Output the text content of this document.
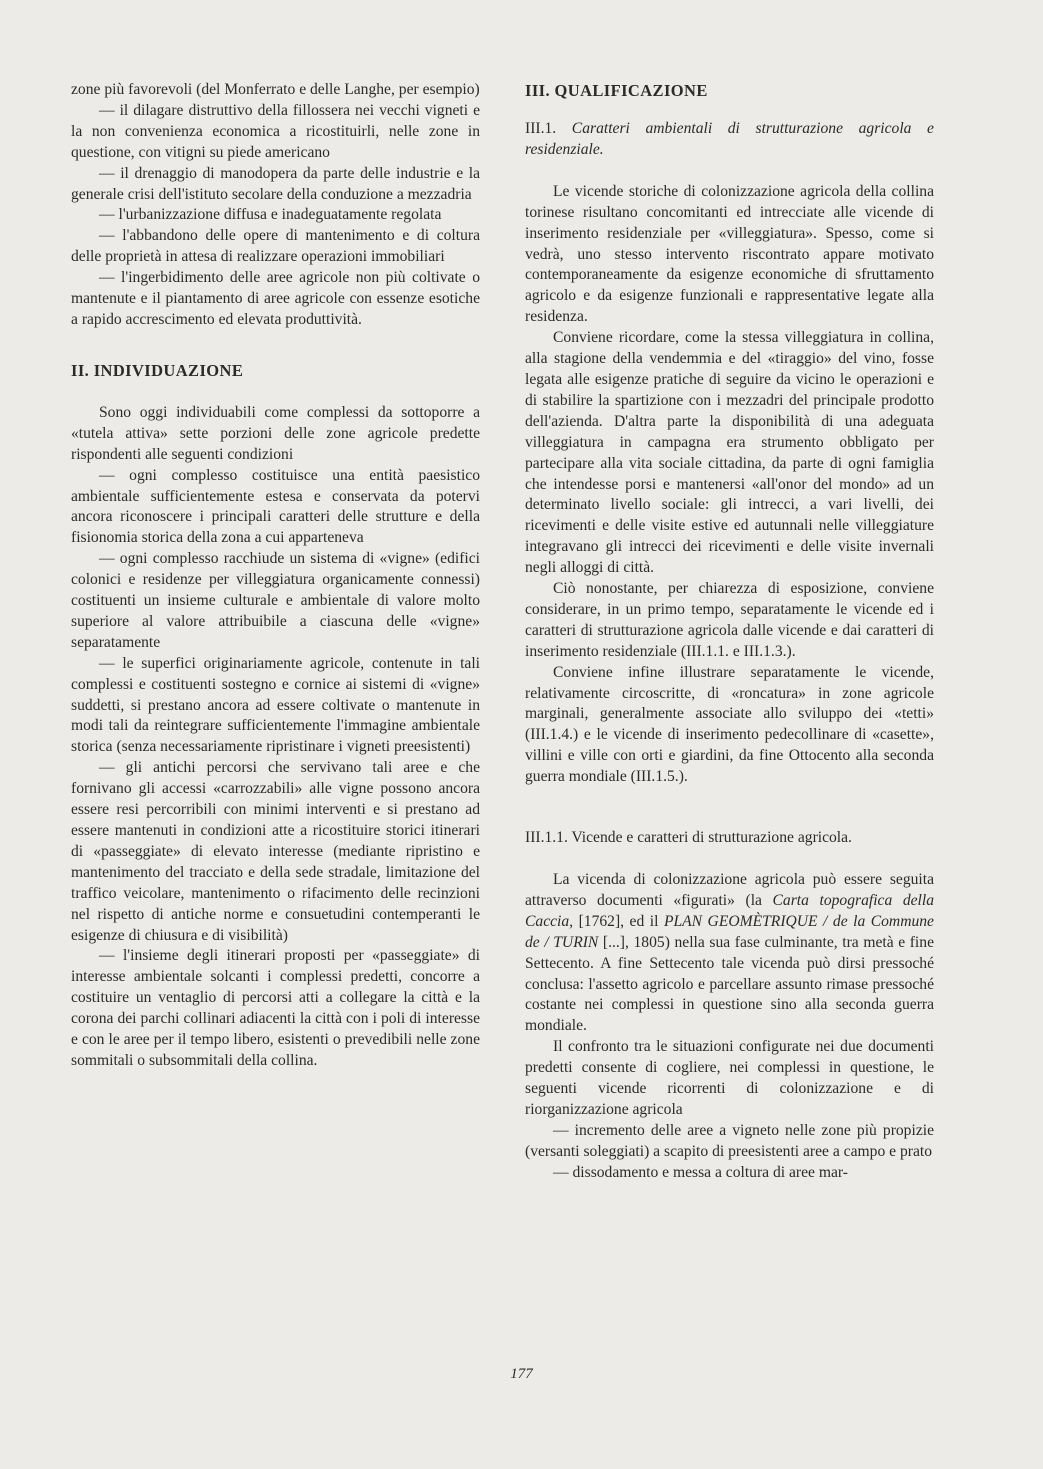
zone più favorevoli (del Monferrato e delle Langhe, per esempio)

— il dilagare distruttivo della fillossera nei vecchi vigneti e la non convenienza economica a ricostituirli, nelle zone in questione, con vitigni su piede americano

— il drenaggio di manodopera da parte delle industrie e la generale crisi dell'istituto secolare della conduzione a mezzadria

— l'urbanizzazione diffusa e inadeguatamente regolata

— l'abbandono delle opere di mantenimento e di coltura delle proprietà in attesa di realizzare operazioni immobiliari

— l'ingerbidimento delle aree agricole non più coltivate o mantenute e il piantamento di aree agricole con essenze esotiche a rapido accrescimento ed elevata produttività.

II. INDIVIDUAZIONE

Sono oggi individuabili come complessi da sottoporre a «tutela attiva» sette porzioni delle zone agricole predette rispondenti alle seguenti condizioni

— ogni complesso costituisce una entità paesistico ambientale sufficientemente estesa e conservata da potervi ancora riconoscere i principali caratteri delle strutture e della fisionomia storica della zona a cui apparteneva

— ogni complesso racchiude un sistema di «vigne» (edifici colonici e residenze per villeggiatura organicamente connessi) costituenti un insieme culturale e ambientale di valore molto superiore al valore attribuibile a ciascuna delle «vigne» separatamente

— le superfici originariamente agricole, contenute in tali complessi e costituenti sostegno e cornice ai sistemi di «vigne» suddetti, si prestano ancora ad essere coltivate o mantenute in modi tali da reintegrare sufficientemente l'immagine ambientale storica (senza necessariamente ripristinare i vigneti preesistenti)

— gli antichi percorsi che servivano tali aree e che fornivano gli accessi «carrozzabili» alle vigne possono ancora essere resi percorribili con minimi interventi e si prestano ad essere mantenuti in condizioni atte a ricostituire storici itinerari di «passeggiate» di elevato interesse (mediante ripristino e mantenimento del tracciato e della sede stradale, limitazione del traffico veicolare, mantenimento o rifacimento delle recinzioni nel rispetto di antiche norme e consuetudini contemperanti le esigenze di chiusura e di visibilità)

— l'insieme degli itinerari proposti per «passeggiate» di interesse ambientale solcanti i complessi predetti, concorre a costituire un ventaglio di percorsi atti a collegare la città e la corona dei parchi collinari adiacenti la città con i poli di interesse e con le aree per il tempo libero, esistenti o prevedibili nelle zone sommitali o subsommitali della collina.

III. QUALIFICAZIONE

III.1. Caratteri ambientali di strutturazione agricola e residenziale.

Le vicende storiche di colonizzazione agricola della collina torinese risultano concomitanti ed intrecciate alle vicende di inserimento residenziale per «villeggiatura». Spesso, come si vedrà, uno stesso intervento riscontrato appare motivato contemporaneamente da esigenze economiche di sfruttamento agricolo e da esigenze funzionali e rappresentative legate alla residenza.

Conviene ricordare, come la stessa villeggiatura in collina, alla stagione della vendemmia e del «tiraggio» del vino, fosse legata alle esigenze pratiche di seguire da vicino le operazioni e di stabilire la spartizione con i mezzadri del principale prodotto dell'azienda. D'altra parte la disponibilità di una adeguata villeggiatura in campagna era strumento obbligato per partecipare alla vita sociale cittadina, da parte di ogni famiglia che intendesse porsi e mantenersi «all'onor del mondo» ad un determinato livello sociale: gli intrecci, a vari livelli, dei ricevimenti e delle visite estive ed autunnali nelle villeggiature integravano gli intrecci dei ricevimenti e delle visite invernali negli alloggi di città.

Ciò nonostante, per chiarezza di esposizione, conviene considerare, in un primo tempo, separatamente le vicende ed i caratteri di strutturazione agricola dalle vicende e dai caratteri di inserimento residenziale (III.1.1. e III.1.3.).

Conviene infine illustrare separatamente le vicende, relativamente circoscritte, di «roncatura» in zone agricole marginali, generalmente associate allo sviluppo dei «tetti» (III.1.4.) e le vicende di inserimento pedecollinare di «casette», villini e ville con orti e giardini, da fine Ottocento alla seconda guerra mondiale (III.1.5.).

III.1.1. Vicende e caratteri di strutturazione agricola.

La vicenda di colonizzazione agricola può essere seguita attraverso documenti «figurati» (la Carta topografica della Caccia, [1762], ed il PLAN GEOMÈTRIQUE / de la Commune de / TURIN [...], 1805) nella sua fase culminante, tra metà e fine Settecento. A fine Settecento tale vicenda può dirsi pressoché conclusa: l'assetto agricolo e parcellare assunto rimase pressoché costante nei complessi in questione sino alla seconda guerra mondiale.

Il confronto tra le situazioni configurate nei due documenti predetti consente di cogliere, nei complessi in questione, le seguenti vicende ricorrenti di colonizzazione e di riorganizzazione agricola

— incremento delle aree a vigneto nelle zone più propizie (versanti soleggiati) a scapito di preesistenti aree a campo e prato

— dissodamento e messa a coltura di aree mar-

177
